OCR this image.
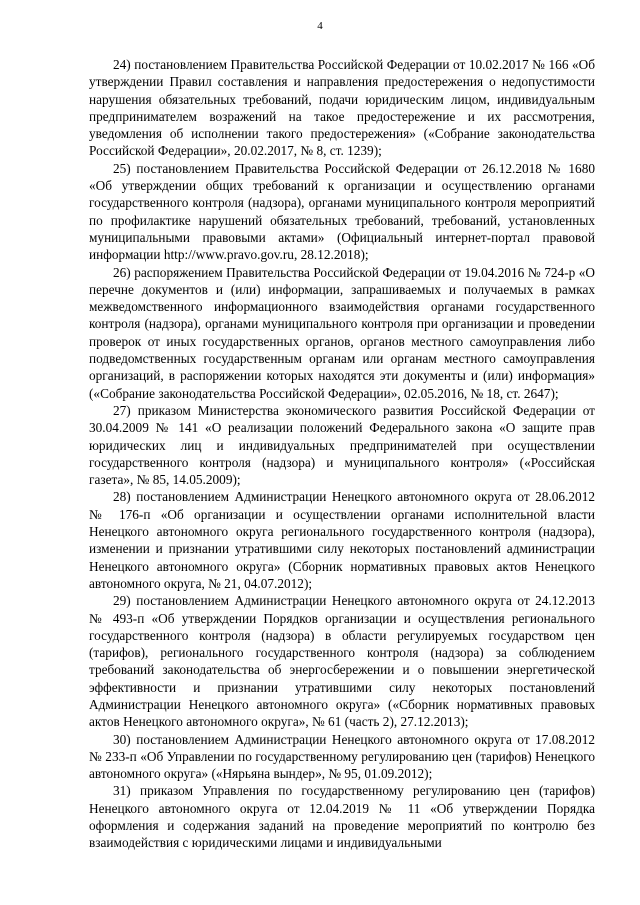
4

24) постановлением Правительства Российской Федерации от 10.02.2017 № 166 «Об утверждении Правил составления и направления предостережения о недопустимости нарушения обязательных требований, подачи юридическим лицом, индивидуальным предпринимателем возражений на такое предостережение и их рассмотрения, уведомления об исполнении такого предостережения» («Собрание законодательства Российской Федерации», 20.02.2017, № 8, ст. 1239);

25) постановлением Правительства Российской Федерации от 26.12.2018 № 1680 «Об утверждении общих требований к организации и осуществлению органами государственного контроля (надзора), органами муниципального контроля мероприятий по профилактике нарушений обязательных требований, требований, установленных муниципальными правовыми актами» (Официальный интернет-портал правовой информации http://www.pravo.gov.ru, 28.12.2018);

26) распоряжением Правительства Российской Федерации от 19.04.2016 № 724-р «О перечне документов и (или) информации, запрашиваемых и получаемых в рамках межведомственного информационного взаимодействия органами государственного контроля (надзора), органами муниципального контроля при организации и проведении проверок от иных государственных органов, органов местного самоуправления либо подведомственных государственным органам или органам местного самоуправления организаций, в распоряжении которых находятся эти документы и (или) информация» («Собрание законодательства Российской Федерации», 02.05.2016, № 18, ст. 2647);

27) приказом Министерства экономического развития Российской Федерации от 30.04.2009 № 141 «О реализации положений Федерального закона «О защите прав юридических лиц и индивидуальных предпринимателей при осуществлении государственного контроля (надзора) и муниципального контроля» («Российская газета», № 85, 14.05.2009);

28) постановлением Администрации Ненецкого автономного округа от 28.06.2012 № 176-п «Об организации и осуществлении органами исполнительной власти Ненецкого автономного округа регионального государственного контроля (надзора), изменении и признании утратившими силу некоторых постановлений администрации Ненецкого автономного округа» (Сборник нормативных правовых актов Ненецкого автономного округа, № 21, 04.07.2012);

29) постановлением Администрации Ненецкого автономного округа от 24.12.2013 № 493-п «Об утверждении Порядков организации и осуществления регионального государственного контроля (надзора) в области регулируемых государством цен (тарифов), регионального государственного контроля (надзора) за соблюдением требований законодательства об энергосбережении и о повышении энергетической эффективности и признании утратившими силу некоторых постановлений Администрации Ненецкого автономного округа» («Сборник нормативных правовых актов Ненецкого автономного округа», № 61 (часть 2), 27.12.2013);

30) постановлением Администрации Ненецкого автономного округа от 17.08.2012 № 233-п «Об Управлении по государственному регулированию цен (тарифов) Ненецкого автономного округа» («Нярьяна вындер», № 95, 01.09.2012);

31) приказом Управления по государственному регулированию цен (тарифов) Ненецкого автономного округа от 12.04.2019 № 11 «Об утверждении Порядка оформления и содержания заданий на проведение мероприятий по контролю без взаимодействия с юридическими лицами и индивидуальными
